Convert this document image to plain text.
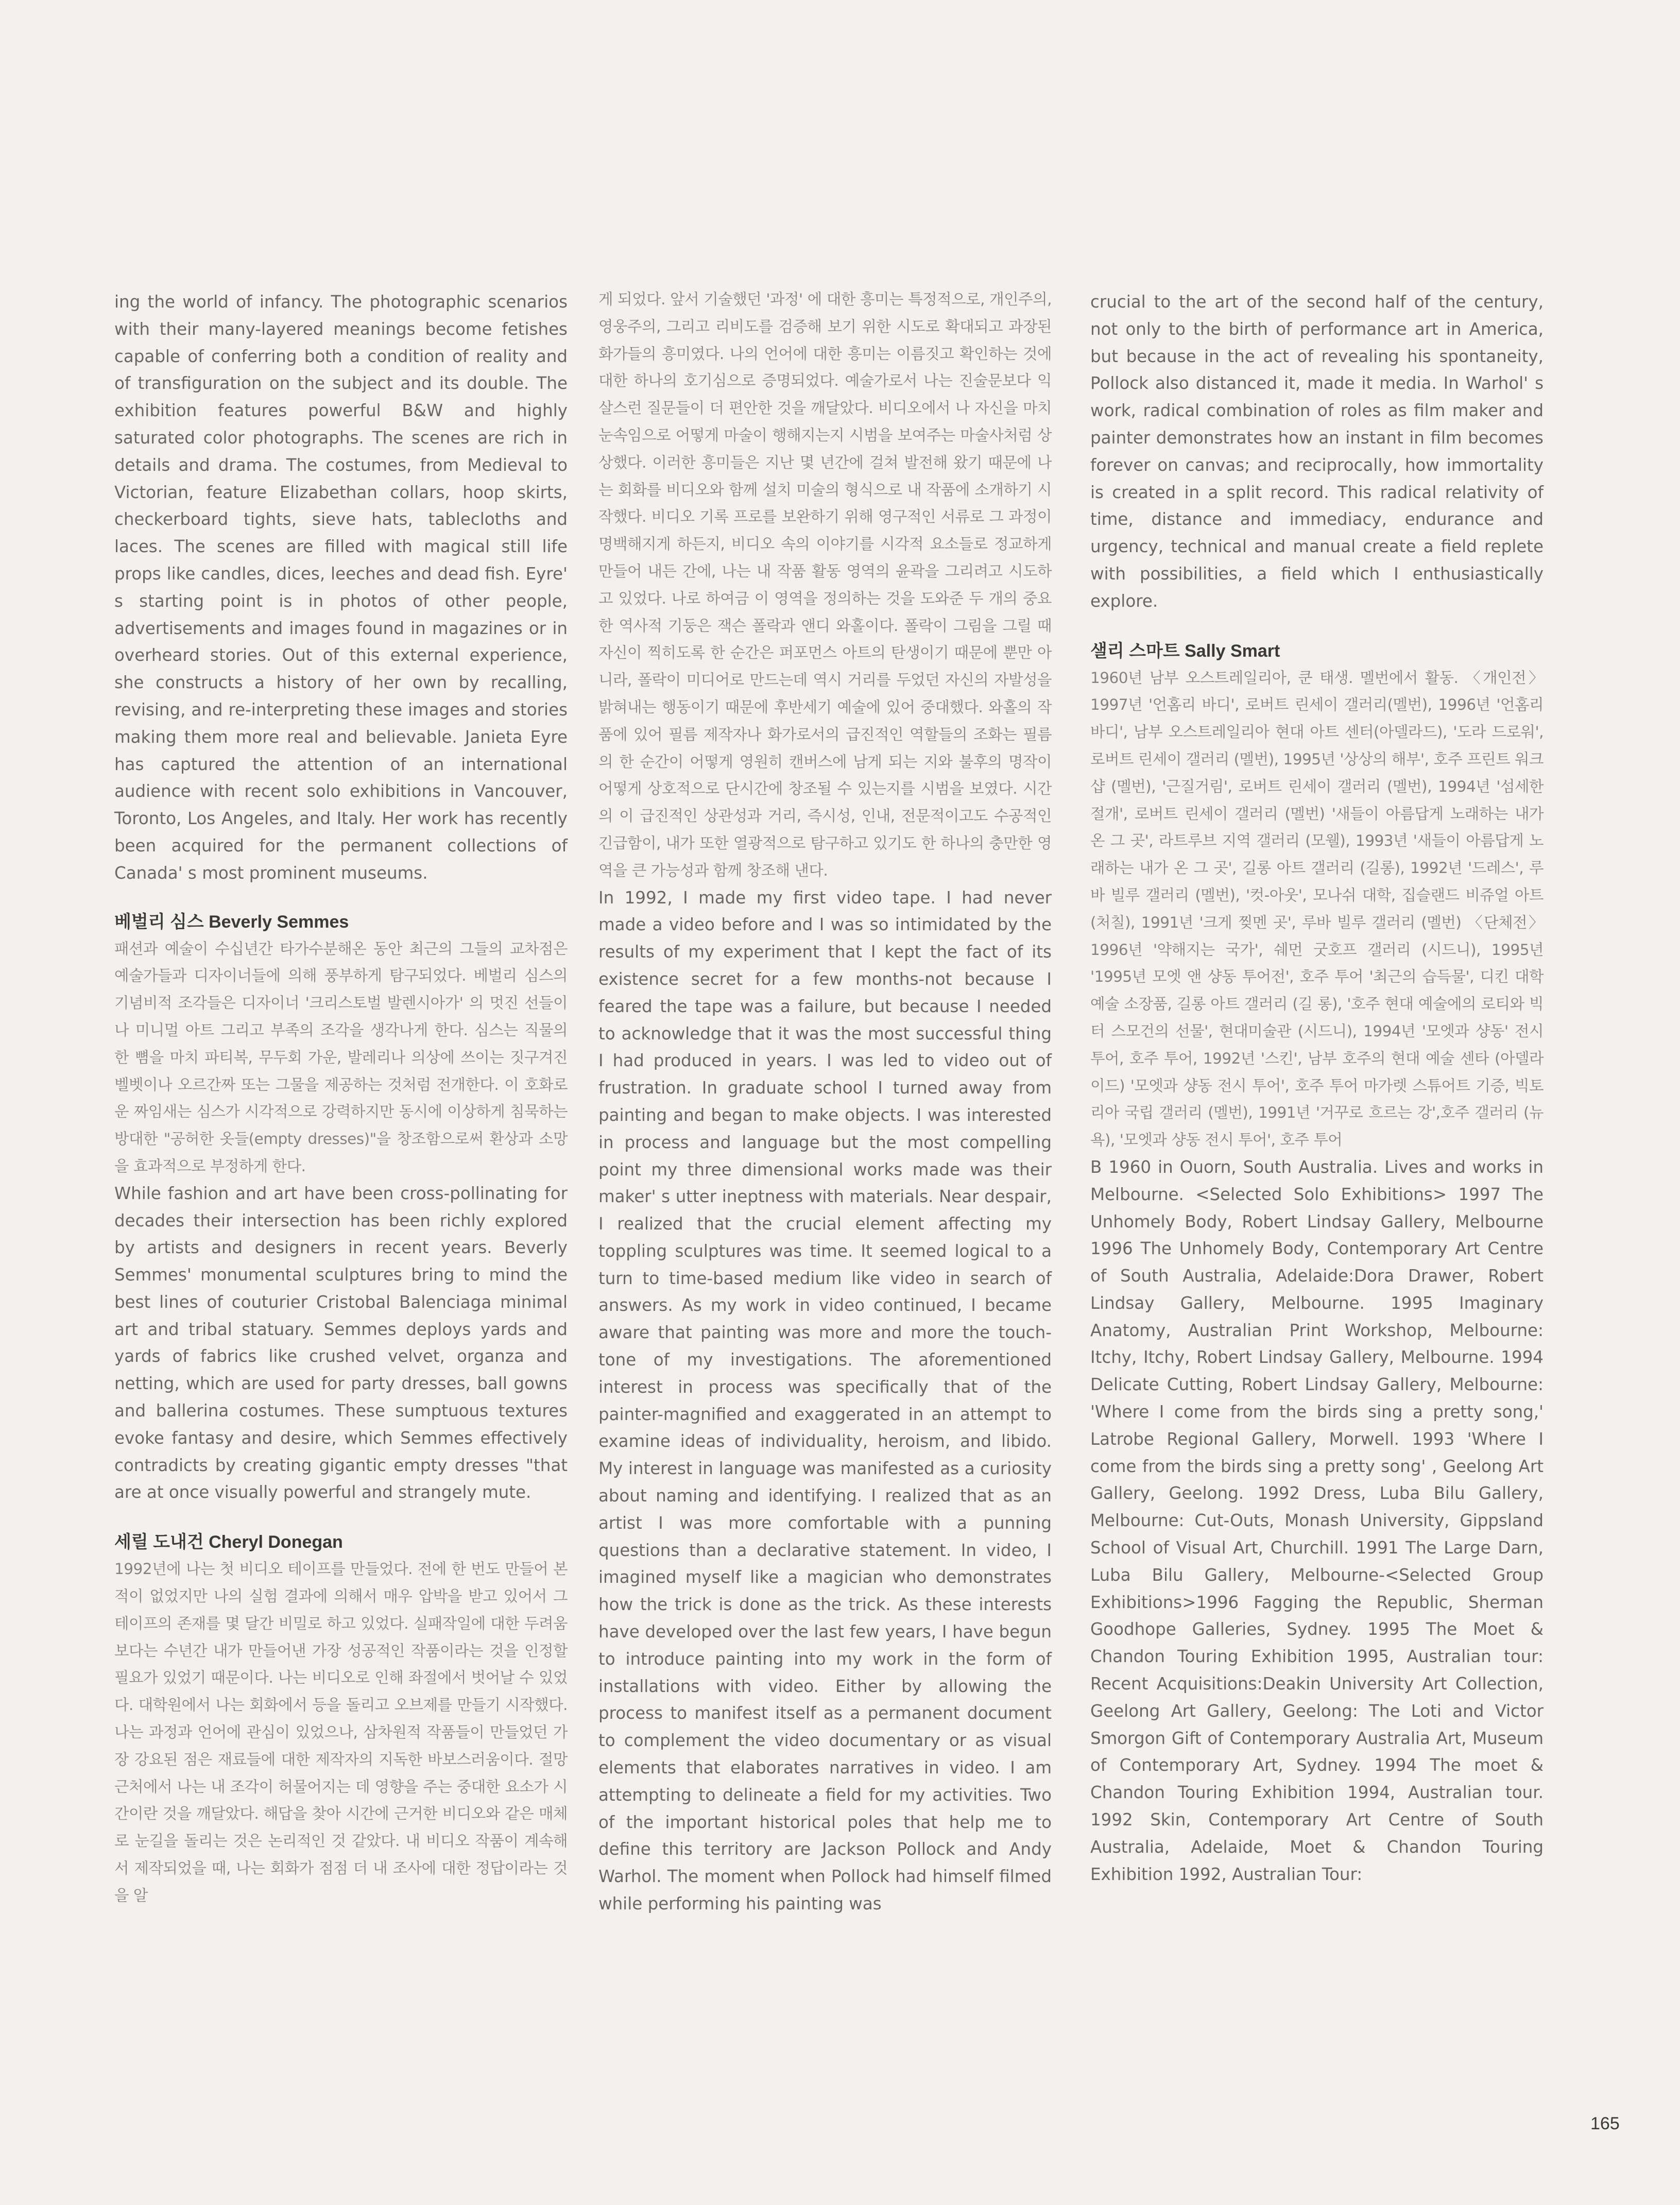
ing the world of infancy. The photographic scenarios with their many-layered meanings become fetishes capable of conferring both a condition of reality and of transfiguration on the subject and its double. The exhibition features powerful B&W and highly saturated color photographs. The scenes are rich in details and drama. The costumes, from Medieval to Victorian, feature Elizabethan collars, hoop skirts, checkerboard tights, sieve hats, tablecloths and laces. The scenes are filled with magical still life props like candles, dices, leeches and dead fish. Eyre' s starting point is in photos of other people, advertisements and images found in magazines or in overheard stories. Out of this external experience, she constructs a history of her own by recalling, revising, and re-interpreting these images and stories making them more real and believable. Janieta Eyre has captured the attention of an international audience with recent solo exhibitions in Vancouver, Toronto, Los Angeles, and Italy. Her work has recently been acquired for the permanent collections of Canada' s most prominent museums.

베벌리 심스 Beverly Semmes

패션과 예술이 수십년간 타가수분해온 동안 최근의 그들의 교차점은 예술가들과 디자이너들에 의해 풍부하게 탐구되었다. 베벌리 심스의 기념비적 조각들은 디자이너 '크리스토벌 발렌시아가' 의 멋진 선들이나 미니멀 아트 그리고 부족의 조각을 생각나게 한다. 심스는 직물의 한 뼘을 마치 파티복, 무두회 가운, 발레리나 의상에 쓰이는 짓구겨진 벨벳이나 오르간짜 또는 그물을 제공하는 것처럼 전개한다. 이 호화로운 짜임새는 심스가 시각적으로 강력하지만 동시에 이상하게 침묵하는 방대한 "공허한 옷들(empty dresses)"을 창조함으로써 환상과 소망을 효과적으로 부정하게 한다.

While fashion and art have been cross-pollinating for decades their intersection has been richly explored by artists and designers in recent years. Beverly Semmes' monumental sculptures bring to mind the best lines of couturier Cristobal Balenciaga minimal art and tribal statuary. Semmes deploys yards and yards of fabrics like crushed velvet, organza and netting, which are used for party dresses, ball gowns and ballerina costumes. These sumptuous textures evoke fantasy and desire, which Semmes effectively contradicts by creating gigantic empty dresses "that are at once visually powerful and strangely mute.

세릴 도내건 Cheryl Donegan

1992년에 나는 첫 비디오 테이프를 만들었다. 전에 한 번도 만들어 본 적이 없었지만 나의 실험 결과에 의해서 매우 압박을 받고 있어서 그 테이프의 존재를 몇 달간 비밀로 하고 있었다. 실패작일에 대한 두려움보다는 수년간 내가 만들어낸 가장 성공적인 작품이라는 것을 인정할 필요가 있었기 때문이다. 나는 비디오로 인해 좌절에서 벗어날 수 있었다. 대학원에서 나는 회화에서 등을 돌리고 오브제를 만들기 시작했다. 나는 과정과 언어에 관심이 있었으나, 삼차원적 작품들이 만들었던 가장 강요된 점은 재료들에 대한 제작자의 지독한 바보스러움이다. 절망 근처에서 나는 내 조각이 허물어지는 데 영향을 주는 중대한 요소가 시간이란 것을 깨달았다. 해답을 찾아 시간에 근거한 비디오와 같은 매체로 눈길을 돌리는 것은 논리적인 것 같았다. 내 비디오 작품이 계속해서 제작되었을 때, 나는 회화가 점점 더 내 조사에 대한 정답이라는 것을 알

게 되었다. 앞서 기술했던 '과정' 에 대한 흥미는 특정적으로, 개인주의, 영웅주의, 그리고 리비도를 검증해 보기 위한 시도로 확대되고 과장된 화가들의 흥미였다. 나의 언어에 대한 흥미는 이름짓고 확인하는 것에 대한 하나의 호기심으로 증명되었다. 예술가로서 나는 진술문보다 익살스런 질문들이 더 편안한 것을 깨달았다. 비디오에서 나 자신을 마치 눈속임으로 어떻게 마술이 행해지는지 시범을 보여주는 마술사처럼 상상했다. 이러한 흥미들은 지난 몇 년간에 걸쳐 발전해 왔기 때문에 나는 회화를 비디오와 함께 설치 미술의 형식으로 내 작품에 소개하기 시작했다. 비디오 기록 프로를 보완하기 위해 영구적인 서류로 그 과정이 명백해지게 하든지, 비디오 속의 이야기를 시각적 요소들로 정교하게 만들어 내든 간에, 나는 내 작품 활동 영역의 윤곽을 그리려고 시도하고 있었다. 나로 하여금 이 영역을 정의하는 것을 도와준 두 개의 중요한 역사적 기둥은 잭슨 폴락과 앤디 와홀이다. 폴락이 그림을 그릴 때 자신이 찍히도록 한 순간은 퍼포먼스 아트의 탄생이기 때문에 뿐만 아니라, 폴락이 미디어로 만드는데 역시 거리를 두었던 자신의 자발성을 밝혀내는 행동이기 때문에 후반세기 예술에 있어 중대했다. 와홀의 작품에 있어 필름 제작자나 화가로서의 급진적인 역할들의 조화는 필름의 한 순간이 어떻게 영원히 캔버스에 남게 되는 지와 불후의 명작이 어떻게 상호적으로 단시간에 창조될 수 있는지를 시범을 보였다. 시간의 이 급진적인 상관성과 거리, 즉시성, 인내, 전문적이고도 수공적인 긴급함이, 내가 또한 열광적으로 탐구하고 있기도 한 하나의 충만한 영역을 큰 가능성과 함께 창조해 낸다.

In 1992, I made my first video tape. I had never made a video before and I was so intimidated by the results of my experiment that I kept the fact of its existence secret for a few months-not because I feared the tape was a failure, but because I needed to acknowledge that it was the most successful thing I had produced in years. I was led to video out of frustration. In graduate school I turned away from painting and began to make objects. I was interested in process and language but the most compelling point my three dimensional works made was their maker' s utter ineptness with materials. Near despair, I realized that the crucial element affecting my toppling sculptures was time. It seemed logical to a turn to time-based medium like video in search of answers. As my work in video continued, I became aware that painting was more and more the touch-tone of my investigations. The aforementioned interest in process was specifically that of the painter-magnified and exaggerated in an attempt to examine ideas of individuality, heroism, and libido. My interest in language was manifested as a curiosity about naming and identifying. I realized that as an artist I was more comfortable with a punning questions than a declarative statement. In video, I imagined myself like a magician who demonstrates how the trick is done as the trick. As these interests have developed over the last few years, I have begun to introduce painting into my work in the form of installations with video. Either by allowing the process to manifest itself as a permanent document to complement the video documentary or as visual elements that elaborates narratives in video. I am attempting to delineate a field for my activities. Two of the important historical poles that help me to define this territory are Jackson Pollock and Andy Warhol. The moment when Pollock had himself filmed while performing his painting was

crucial to the art of the second half of the century, not only to the birth of performance art in America, but because in the act of revealing his spontaneity, Pollock also distanced it, made it media. In Warhol' s work, radical combination of roles as film maker and painter demonstrates how an instant in film becomes forever on canvas; and reciprocally, how immortality is created in a split record. This radical relativity of time, distance and immediacy, endurance and urgency, technical and manual create a field replete with possibilities, a field which I enthusiastically explore.

샐리 스마트 Sally Smart

1960년 남부 오스트레일리아, 쿤 태생. 멜번에서 활동. 〈개인전〉1997년 '언홈리 바디', 로버트 린세이 갤러리(멜번), 1996년 '언홈리 바디', 남부 오스트레일리아 현대 아트 센터(아델라드), '도라 드로워', 로버트 린세이 갤러리 (멜번), 1995년 '상상의 해부', 호주 프린트 워크샵 (멜번), '근질거림', 로버트 린세이 갤러리 (멜번), 1994년 '섬세한 절개', 로버트 린세이 갤러리 (멜번) '새들이 아름답게 노래하는 내가 온 그 곳', 라트루브 지역 갤러리 (모웰), 1993년 '새들이 아름답게 노래하는 내가 온 그 곳', 길롱 아트 갤러리 (길롱), 1992년 '드레스', 루바 빌루 갤러리 (멜번), '컷-아웃', 모나쉬 대학, 집슬랜드 비쥬얼 아트 (처칠), 1991년 '크게 찢멘 곳', 루바 빌루 갤러리 (멜번) 〈단체전〉 1996년 '약해지는 국가', 쉐먼 굿호프 갤러리 (시드니), 1995년 '1995년 모엣 앤 샹동 투어전', 호주 투어 '최근의 습득물', 디킨 대학 예술 소장품, 길롱 아트 갤러리 (길 롱), '호주 현대 예술에의 로티와 빅터 스모건의 선물', 현대미술관 (시드니), 1994년 '모엣과 샹동' 전시 투어, 호주 투어, 1992년 '스킨', 남부 호주의 현대 예술 센타 (아델라이드) '모엣과 샹동 전시 투어', 호주 투어 마가렛 스튜어트 기증, 빅토리아 국립 갤러리 (멜번), 1991년 '거꾸로 흐르는 강',호주 갤러리 (뉴욕), '모엣과 샹동 전시 투어', 호주 투어

B 1960 in Ouorn, South Australia. Lives and works in Melbourne. <Selected Solo Exhibitions> 1997 The Unhomely Body, Robert Lindsay Gallery, Melbourne 1996 The Unhomely Body, Contemporary Art Centre of South Australia, Adelaide:Dora Drawer, Robert Lindsay Gallery, Melbourne. 1995 Imaginary Anatomy, Australian Print Workshop, Melbourne: Itchy, Itchy, Robert Lindsay Gallery, Melbourne. 1994 Delicate Cutting, Robert Lindsay Gallery, Melbourne: 'Where I come from the birds sing a pretty song,' Latrobe Regional Gallery, Morwell. 1993 'Where I come from the birds sing a pretty song' , Geelong Art Gallery, Geelong. 1992 Dress, Luba Bilu Gallery, Melbourne: Cut-Outs, Monash University, Gippsland School of Visual Art, Churchill. 1991 The Large Darn, Luba Bilu Gallery, Melbourne-<Selected Group Exhibitions>1996 Fagging the Republic, Sherman Goodhope Galleries, Sydney. 1995 The Moet & Chandon Touring Exhibition 1995, Australian tour: Recent Acquisitions:Deakin University Art Collection, Geelong Art Gallery, Geelong: The Loti and Victor Smorgon Gift of Contemporary Australia Art, Museum of Contemporary Art, Sydney. 1994 The moet & Chandon Touring Exhibition 1994, Australian tour. 1992 Skin, Contemporary Art Centre of South Australia, Adelaide, Moet & Chandon Touring Exhibition 1992, Australian Tour:

165
